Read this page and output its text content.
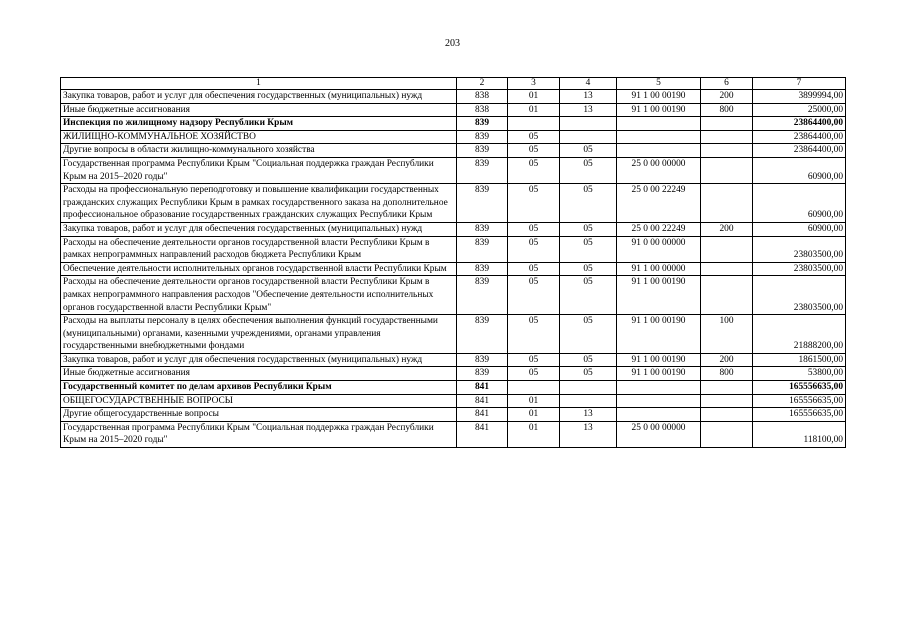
203
1	2	3	4	5	6	7
Закупка товаров, работ и услуг для обеспечения государственных (муниципальных) нужд	838	01	13	91 1 00 00190	200	3899994,00
Иные бюджетные ассигнования	838	01	13	91 1 00 00190	800	25000,00
Инспекция по жилищному надзору Республики Крым	839					23864400,00
ЖИЛИЩНО-КОММУНАЛЬНОЕ ХОЗЯЙСТВО	839	05				23864400,00
Другие вопросы в области жилищно-коммунального хозяйства	839	05	05			23864400,00
Государственная программа Республики Крым "Социальная поддержка граждан Республики Крым на 2015–2020 годы"	839	05	05	25 0 00 00000		60900,00
Расходы на профессиональную переподготовку и повышение квалификации государственных гражданских служащих Республики Крым в рамках государственного заказа на дополнительное профессиональное образование государственных гражданских служащих Республики Крым	839	05	05	25 0 00 22249		60900,00
Закупка товаров, работ и услуг для обеспечения государственных (муниципальных) нужд	839	05	05	25 0 00 22249	200	60900,00
Расходы на обеспечение деятельности органов государственной власти Республики Крым в рамках непрограммных направлений расходов бюджета Республики Крым	839	05	05	91 0 00 00000		23803500,00
Обеспечение деятельности исполнительных органов государственной власти Республики Крым	839	05	05	91 1 00 00000		23803500,00
Расходы на обеспечение деятельности органов государственной власти Республики Крым в рамках непрограммного направления расходов "Обеспечение деятельности исполнительных органов государственной власти Республики Крым"	839	05	05	91 1 00 00190		23803500,00
Расходы на выплаты персоналу в целях обеспечения выполнения функций государственными (муниципальными) органами, казенными учреждениями, органами управления государственными внебюджетными фондами	839	05	05	91 1 00 00190	100	21888200,00
Закупка товаров, работ и услуг для обеспечения государственных (муниципальных) нужд	839	05	05	91 1 00 00190	200	1861500,00
Иные бюджетные ассигнования	839	05	05	91 1 00 00190	800	53800,00
Государственный комитет по делам архивов Республики Крым	841					165556635,00
ОБЩЕГОСУДАРСТВЕННЫЕ ВОПРОСЫ	841	01				165556635,00
Другие общегосударственные вопросы	841	01	13			165556635,00
Государственная программа Республики Крым "Социальная поддержка граждан Республики Крым на 2015–2020 годы"	841	01	13	25 0 00 00000		118100,00
